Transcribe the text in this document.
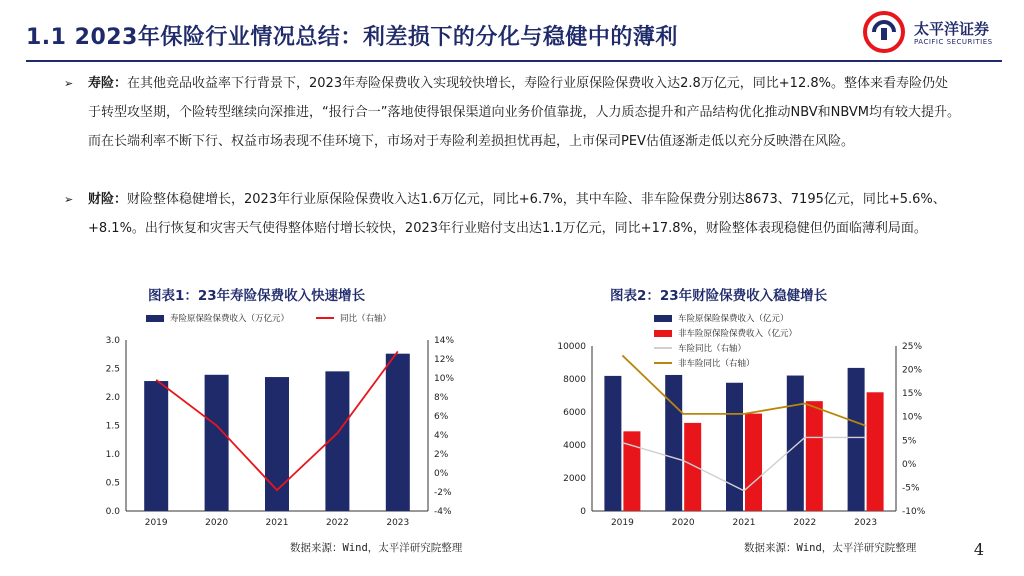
1.1 2023年保险行业情况总结：利差损下的分化与稳健中的薄利	太平洋证券
PACIFIC SECURITIES
➢	寿险：在其他竞品收益率下行背景下，2023年寿险保费收入实现较快增长，寿险行业原保险保费收入达2.8万亿元，同比+12.8%。整体来看寿险仍处于转型攻坚期，个险转型继续向深推进，“报行合一”落地使得银保渠道向业务价值靠拢，人力质态提升和产品结构优化推动NBV和NBVM均有较大提升。而在长端利率不断下行、权益市场表现不佳环境下，市场对于寿险利差损担忧再起，上市保司PEV估值逐渐走低以充分反映潜在风险。
➢	财险：财险整体稳健增长，2023年行业原保险保费收入达1.6万亿元，同比+6.7%，其中车险、非车险保费分别达8673、7195亿元，同比+5.6%、+8.1%。出行恢复和灾害天气使得整体赔付增长较快，2023年行业赔付支出达1.1万亿元，同比+17.8%，财险整体表现稳健但仍面临薄利局面。
图表1：23年寿险保费收入快速增长	图表2：23年财险保费收入稳健增长
3.0
2.5
2.0
1.5
1.0
0.5
0.0
14%
12%
10%
8%
6%
4%
2%
0%
-2%
-4%
2019	2020	2021	2022	2023
寿险原保险保费收入（万亿元）	同比（右轴）
10000
8000
6000
4000
2000
0
25%
20%
15%
10%
5%
0%
-5%
-10%
2019	2020	2021	2022	2023
车险原保险保费收入（亿元）
非车险原保险保费收入（亿元）
车险同比（右轴）
非车险同比（右轴）
数据来源：Wind，太平洋研究院整理	数据来源：Wind，太平洋研究院整理	4
